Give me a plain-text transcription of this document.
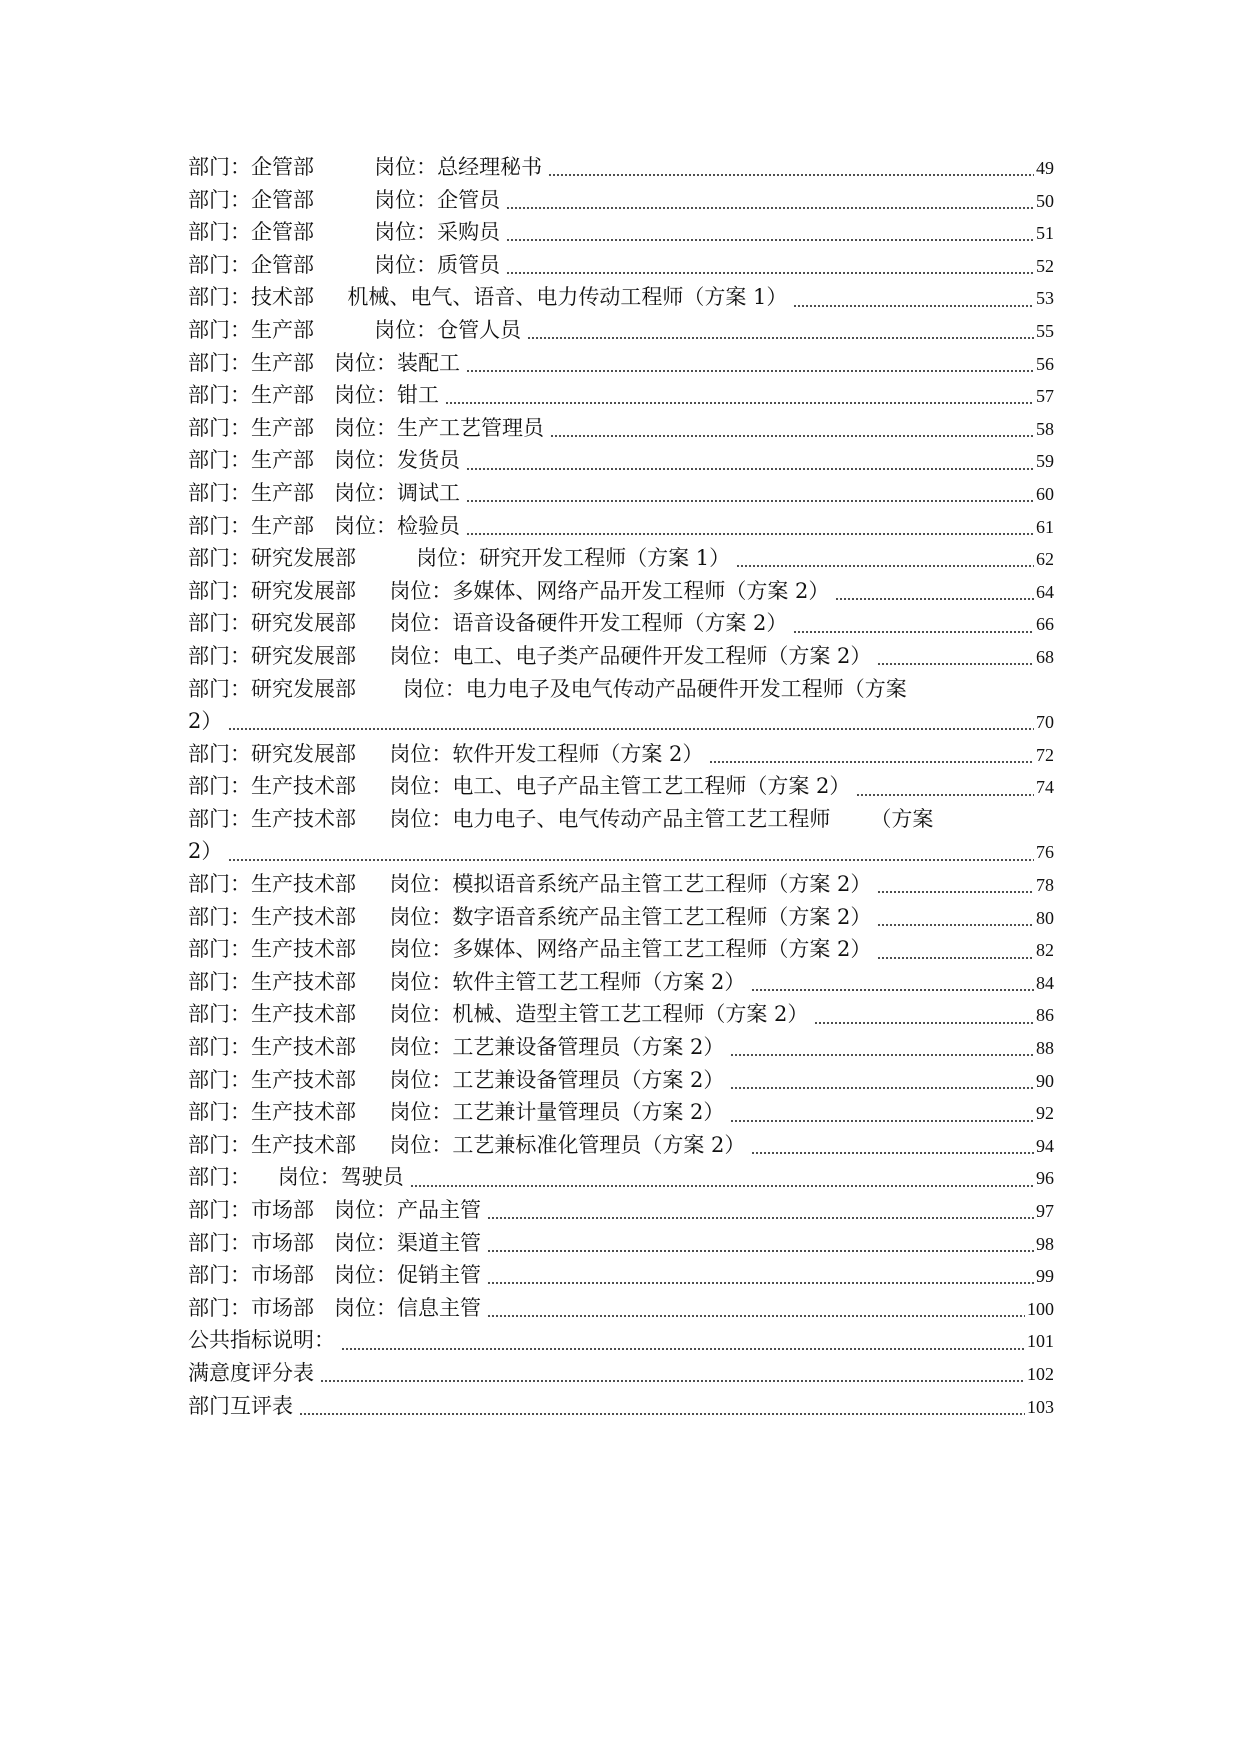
部门：企管部         岗位：总经理秘书	49
部门：企管部         岗位：企管员	50
部门：企管部         岗位：采购员	51
部门：企管部         岗位：质管员	52
部门：技术部     机械、电气、语音、电力传动工程师（方案 1）	53
部门：生产部         岗位：仓管人员	55
部门：生产部   岗位：装配工	56
部门：生产部   岗位：钳工	57
部门：生产部   岗位：生产工艺管理员	58
部门：生产部   岗位：发货员	59
部门：生产部   岗位：调试工	60
部门：生产部   岗位：检验员	61
部门：研究发展部         岗位：研究开发工程师（方案 1）	62
部门：研究发展部     岗位：多媒体、网络产品开发工程师（方案 2）	64
部门：研究发展部     岗位：语音设备硬件开发工程师（方案 2）	66
部门：研究发展部     岗位：电工、电子类产品硬件开发工程师（方案 2）	68
部门：研究发展部       岗位：电力电子及电气传动产品硬件开发工程师（方案
2）	70
部门：研究发展部     岗位：软件开发工程师（方案 2）	72
部门：生产技术部     岗位：电工、电子产品主管工艺工程师（方案 2）	74
部门：生产技术部     岗位：电力电子、电气传动产品主管工艺工程师      （方案
2）	76
部门：生产技术部     岗位：模拟语音系统产品主管工艺工程师（方案 2）	78
部门：生产技术部     岗位：数字语音系统产品主管工艺工程师（方案 2）	80
部门：生产技术部     岗位：多媒体、网络产品主管工艺工程师（方案 2）	82
部门：生产技术部     岗位：软件主管工艺工程师（方案 2）	84
部门：生产技术部     岗位：机械、造型主管工艺工程师（方案 2）	86
部门：生产技术部     岗位：工艺兼设备管理员（方案 2）	88
部门：生产技术部     岗位：工艺兼设备管理员（方案 2）	90
部门：生产技术部     岗位：工艺兼计量管理员（方案 2）	92
部门：生产技术部     岗位：工艺兼标准化管理员（方案 2）	94
部门：    岗位：驾驶员	96
部门：市场部   岗位：产品主管	97
部门：市场部   岗位：渠道主管	98
部门：市场部   岗位：促销主管	99
部门：市场部   岗位：信息主管	100
公共指标说明：	101
满意度评分表	102
部门互评表	103
